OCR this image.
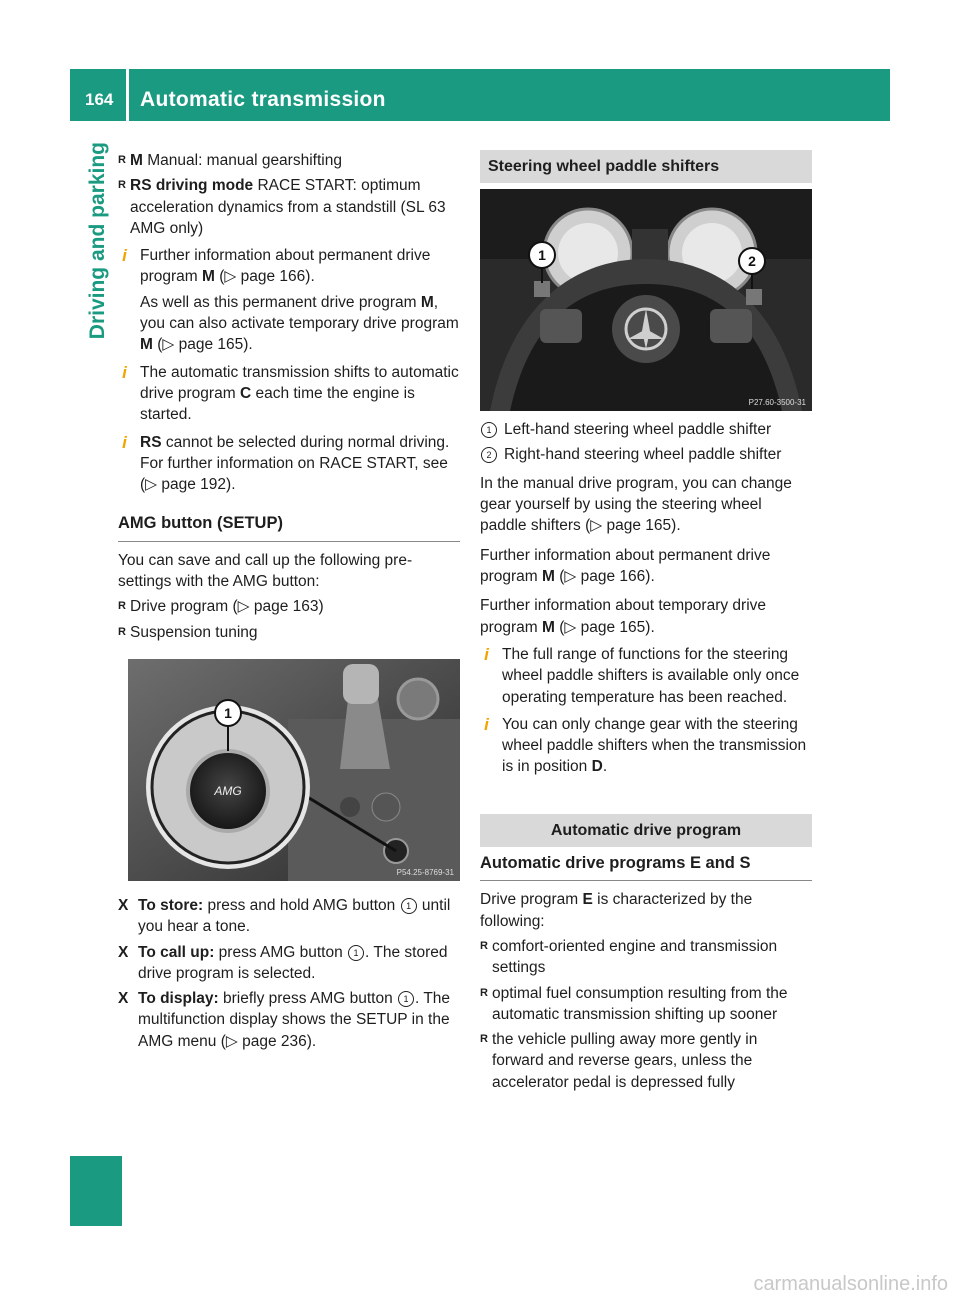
164 Automatic transmission
Driving and parking R M Manual: manual gearshifting
R RS driving mode RACE START: optimum acceleration dynamics from a standstill (SL 63 AMG only)
i Further information about permanent drive program M (▷ page 166).

As well as this permanent drive program M, you can also activate temporary drive program M (▷ page 165).

i The automatic transmission shifts to automatic drive program C each time the engine is started.

i RS cannot be selected during normal driving. For further information on RACE START, see (▷ page 192).

AMG button (SETUP)
You can save and call up the following pre-settings with the AMG button:
R Drive program (▷ page 163)
R Suspension tuning
AMG
1
P54.25-8769-31
X To store: press and hold AMG button 1 until you hear a tone.
X To call up: press AMG button 1 . The stored drive program is selected.
X To display: briefly press AMG button 1 . The multifunction display shows the SETUP in the AMG menu (▷ page 236).
Steering wheel paddle shifters
1	2
P27.60-3500-31
1 Left-hand steering wheel paddle shifter
2 Right-hand steering wheel paddle shifter
In the manual drive program, you can change gear yourself by using the steering wheel paddle shifters (▷ page 165).
Further information about permanent drive program M (▷ page 166).
Further information about temporary drive program M (▷ page 165).
i The full range of functions for the steering wheel paddle shifters is available only once operating temperature has been reached.

i You can only change gear with the steering wheel paddle shifters when the transmission is in position D.

Automatic drive program
Automatic drive programs E and S
Drive program E is characterized by the following:
R comfort-oriented engine and transmission settings
R optimal fuel consumption resulting from the automatic transmission shifting up sooner
R the vehicle pulling away more gently in forward and reverse gears, unless the accelerator pedal is depressed fully
carmanualsonline.info
